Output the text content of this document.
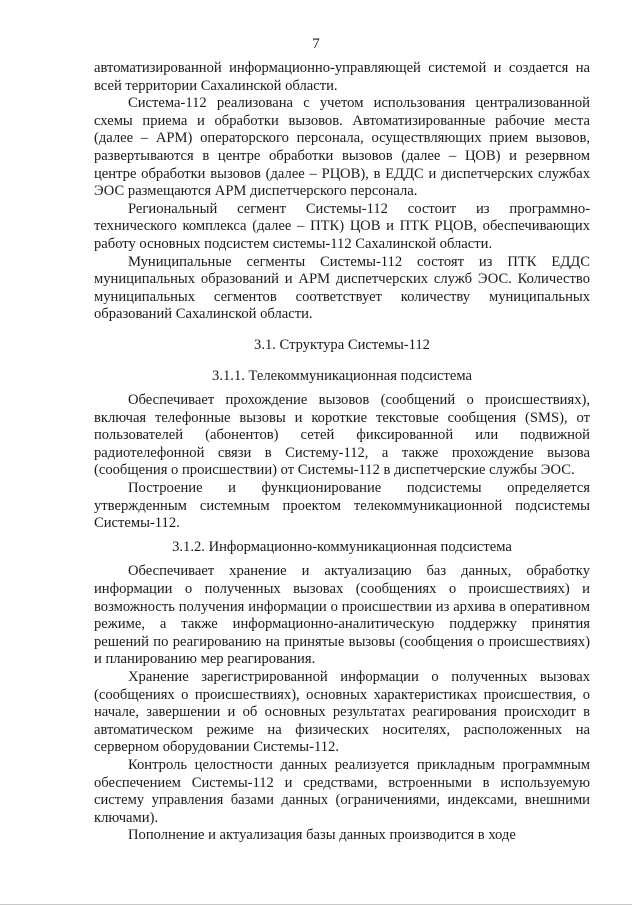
7

автоматизированной информационно-управляющей системой и создается на всей территории Сахалинской области.

Система-112 реализована с учетом использования централизованной схемы приема и обработки вызовов. Автоматизированные рабочие места (далее – АРМ) операторского персонала, осуществляющих прием вызовов, развертываются в центре обработки вызовов (далее – ЦОВ) и резервном центре обработки вызовов (далее – РЦОВ), в ЕДДС и диспетчерских службах ЭОС размещаются АРМ диспетчерского персонала.

Региональный сегмент Системы-112 состоит из программно-технического комплекса (далее – ПТК) ЦОВ и ПТК РЦОВ, обеспечивающих работу основных подсистем системы-112 Сахалинской области.

Муниципальные сегменты Системы-112 состоят из ПТК ЕДДС муниципальных образований и АРМ диспетчерских служб ЭОС. Количество муниципальных сегментов соответствует количеству муниципальных образований Сахалинской области.

3.1. Структура Системы-112
3.1.1. Телекоммуникационная подсистема

Обеспечивает прохождение вызовов (сообщений о происшествиях), включая телефонные вызовы и короткие текстовые сообщения (SMS), от пользователей (абонентов) сетей фиксированной или подвижной радиотелефонной связи в Систему-112, а также прохождение вызова (сообщения о происшествии) от Системы-112 в диспетчерские службы ЭОС.

Построение и функционирование подсистемы определяется утвержденным системным проектом телекоммуникационной подсистемы Системы-112.

3.1.2. Информационно-коммуникационная подсистема

Обеспечивает хранение и актуализацию баз данных, обработку информации о полученных вызовах (сообщениях о происшествиях) и возможность получения информации о происшествии из архива в оперативном режиме, а также информационно-аналитическую поддержку принятия решений по реагированию на принятые вызовы (сообщения о происшествиях) и планированию мер реагирования.

Хранение зарегистрированной информации о полученных вызовах (сообщениях о происшествиях), основных характеристиках происшествия, о начале, завершении и об основных результатах реагирования происходит в автоматическом режиме на физических носителях, расположенных на серверном оборудовании Системы-112.

Контроль целостности данных реализуется прикладным программным обеспечением Системы-112 и средствами, встроенными в используемую систему управления базами данных (ограничениями, индексами, внешними ключами).

Пополнение и актуализация базы данных производится в ходе
